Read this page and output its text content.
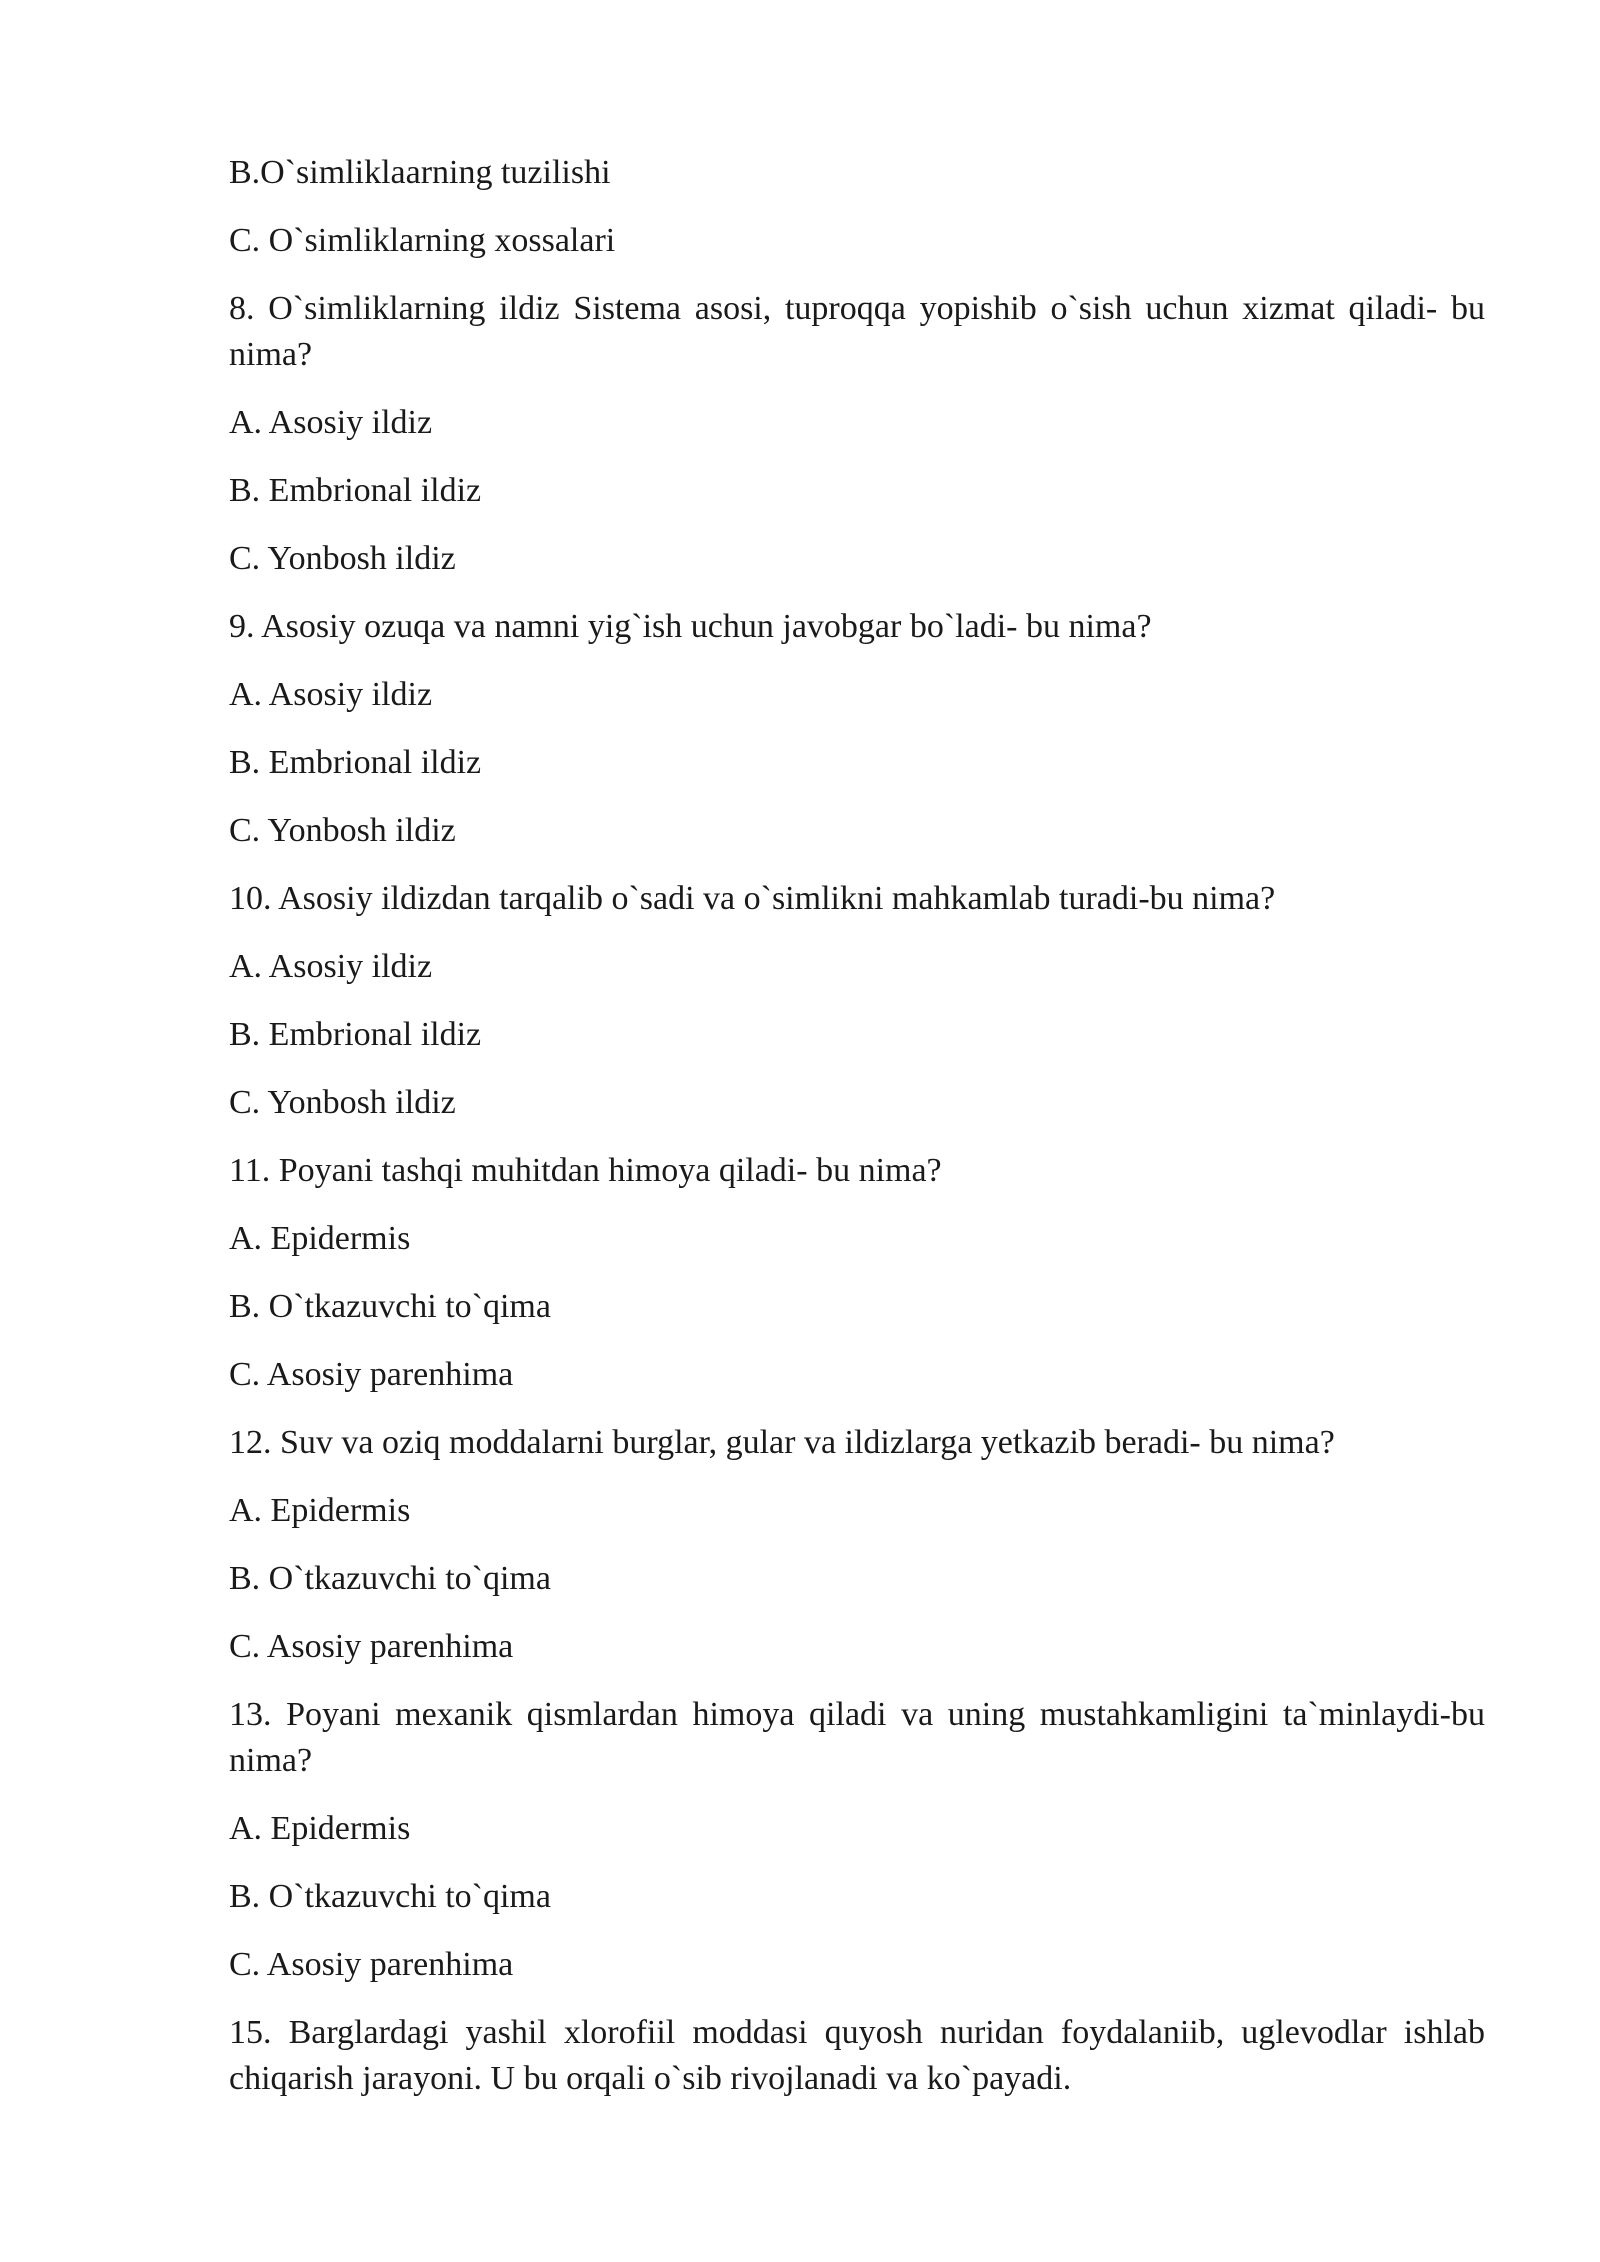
B.O`simliklaarning tuzilishi

C. O`simliklarning xossalari

8. O`simliklarning ildiz Sistema asosi, tuproqqa yopishib o`sish uchun xizmat qiladi- bu nima?

A. Asosiy ildiz

B. Embrional ildiz

C. Yonbosh ildiz

9. Asosiy ozuqa va namni yig`ish uchun javobgar bo`ladi- bu nima?

A. Asosiy ildiz

B. Embrional ildiz

C. Yonbosh ildiz

10. Asosiy ildizdan tarqalib o`sadi va o`simlikni mahkamlab turadi-bu nima?

A. Asosiy ildiz

B. Embrional ildiz

C. Yonbosh ildiz

11. Poyani tashqi muhitdan himoya qiladi- bu nima?

A. Epidermis

B. O`tkazuvchi to`qima

C. Asosiy parenhima

12. Suv va oziq moddalarni burglar, gular va ildizlarga yetkazib beradi- bu nima?

A. Epidermis

B. O`tkazuvchi to`qima

C. Asosiy parenhima

13. Poyani mexanik qismlardan himoya qiladi va uning mustahkamligini ta`minlaydi-bu nima?

A. Epidermis

B. O`tkazuvchi to`qima

C. Asosiy parenhima

15. Barglardagi yashil xlorofiil moddasi quyosh nuridan foydalaniib, uglevodlar ishlab chiqarish jarayoni. U bu orqali o`sib rivojlanadi va ko`payadi.
